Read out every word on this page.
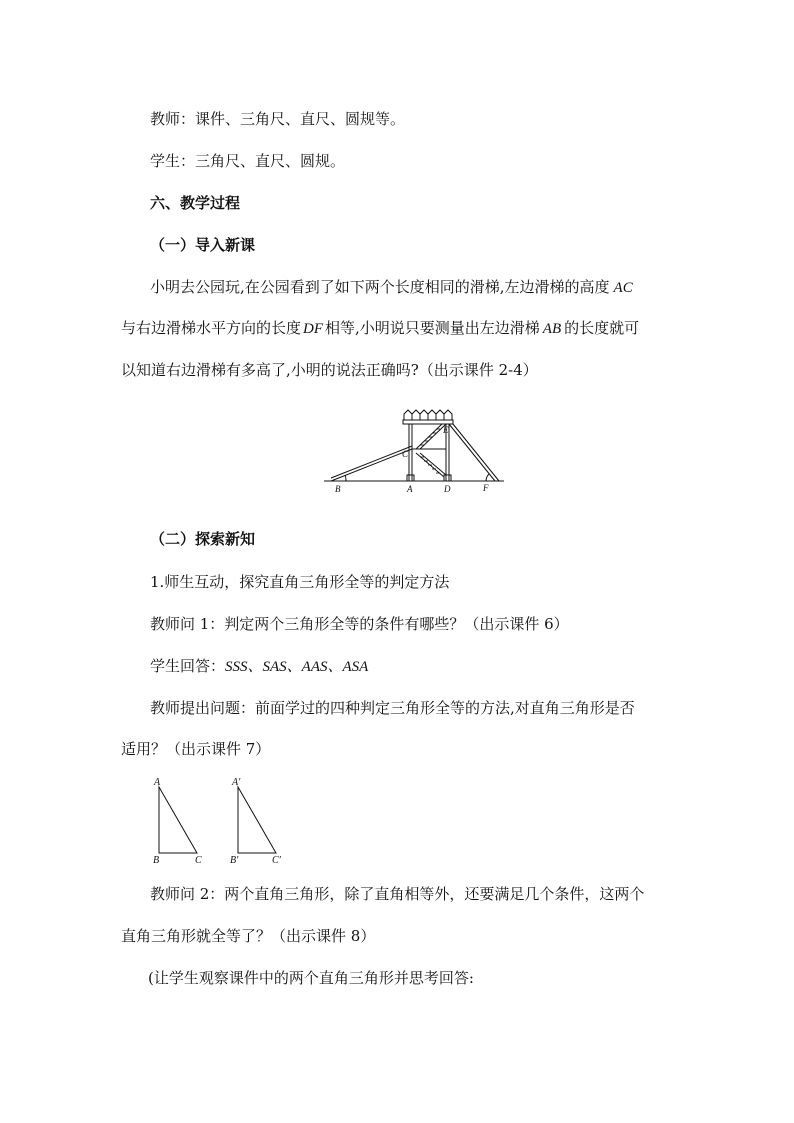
教师：课件、三角尺、直尺、圆规等。
学生：三角尺、直尺、圆规。
六、教学过程
（一）导入新课
小明去公园玩,在公园看到了如下两个长度相同的滑梯,左边滑梯的高度 AC
与右边滑梯水平方向的长度 DF 相等,小明说只要测量出左边滑梯 AB 的长度就可
以知道右边滑梯有多高了,小明的说法正确吗?（出示课件 2-4）
B	A	D	F
C
E
（二）探索新知
1.师生互动，探究直角三角形全等的判定方法
教师问 1：判定两个三角形全等的条件有哪些？（出示课件 6）
学生回答：SSS、SAS、AAS、ASA
教师提出问题：前面学过的四种判定三角形全等的方法,对直角三角形是否
适用？（出示课件 7）
A
B	C
A′
B′	C′
教师问 2：两个直角三角形，除了直角相等外，还要满足几个条件，这两个
直角三角形就全等了？（出示课件 8）
(让学生观察课件中的两个直角三角形并思考回答:
